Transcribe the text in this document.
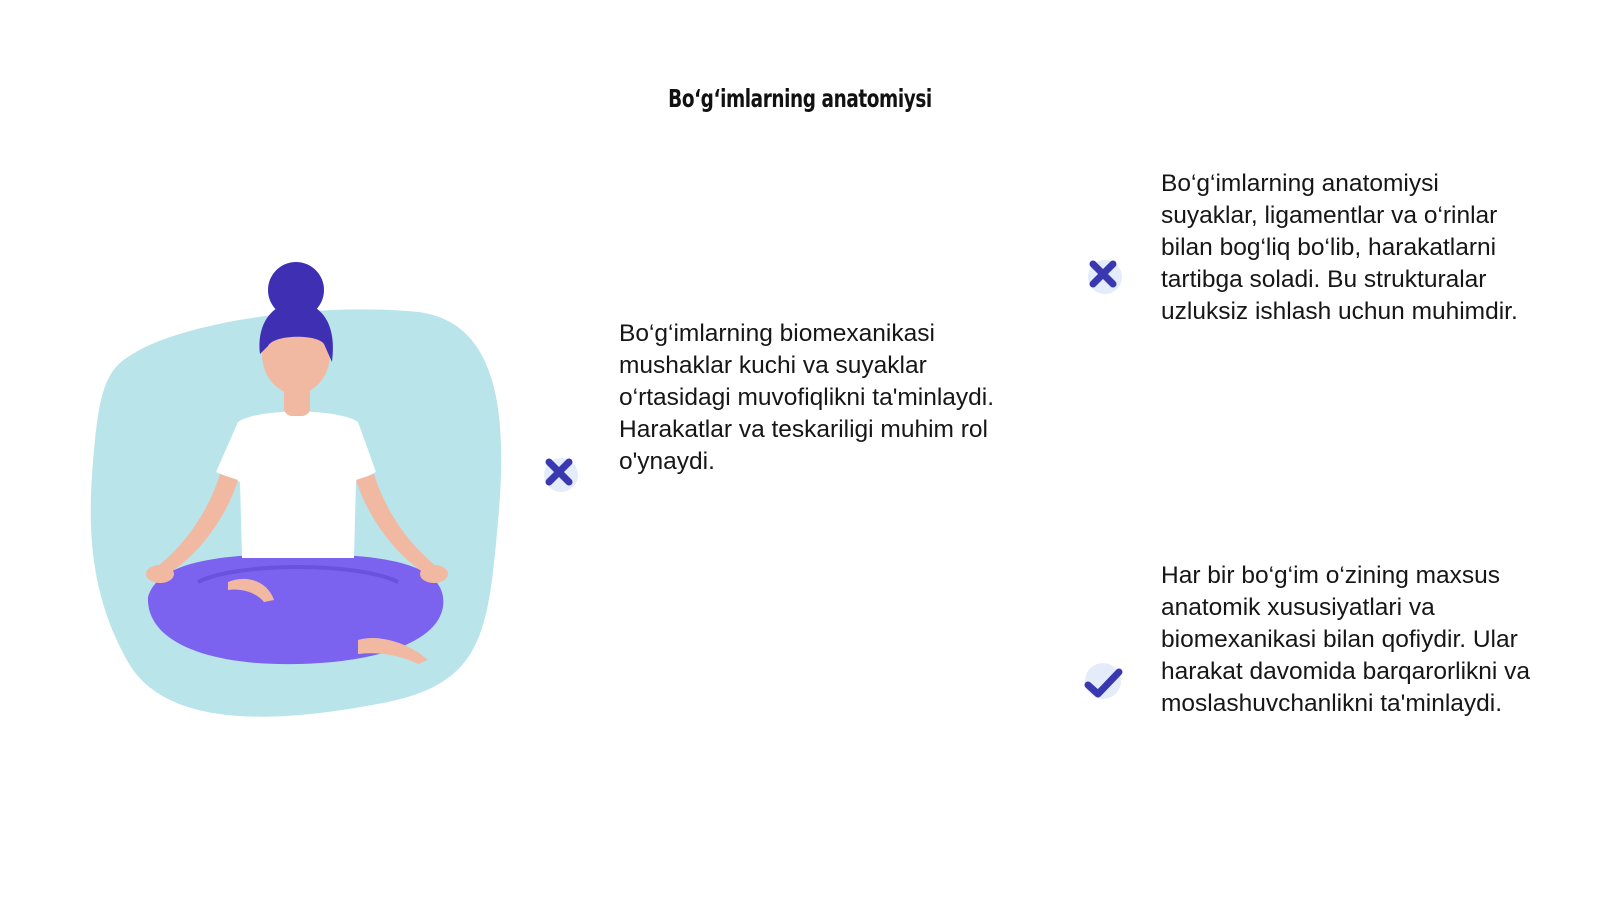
Bo‘g‘imlarning anatomiysi
Bo‘g‘imlarning biomexanikasi
mushaklar kuchi va suyaklar
o‘rtasidagi muvofiqlikni ta'minlaydi.
Harakatlar va teskariligi muhim rol
o'ynaydi.
Bo‘g‘imlarning anatomiysi
suyaklar, ligamentlar va o‘rinlar
bilan bog‘liq bo‘lib, harakatlarni
tartibga soladi. Bu strukturalar
uzluksiz ishlash uchun muhimdir.
Har bir bo‘g‘im o‘zining maxsus
anatomik xususiyatlari va
biomexanikasi bilan qofiydir. Ular
harakat davomida barqarorlikni va
moslashuvchanlikni ta'minlaydi.
